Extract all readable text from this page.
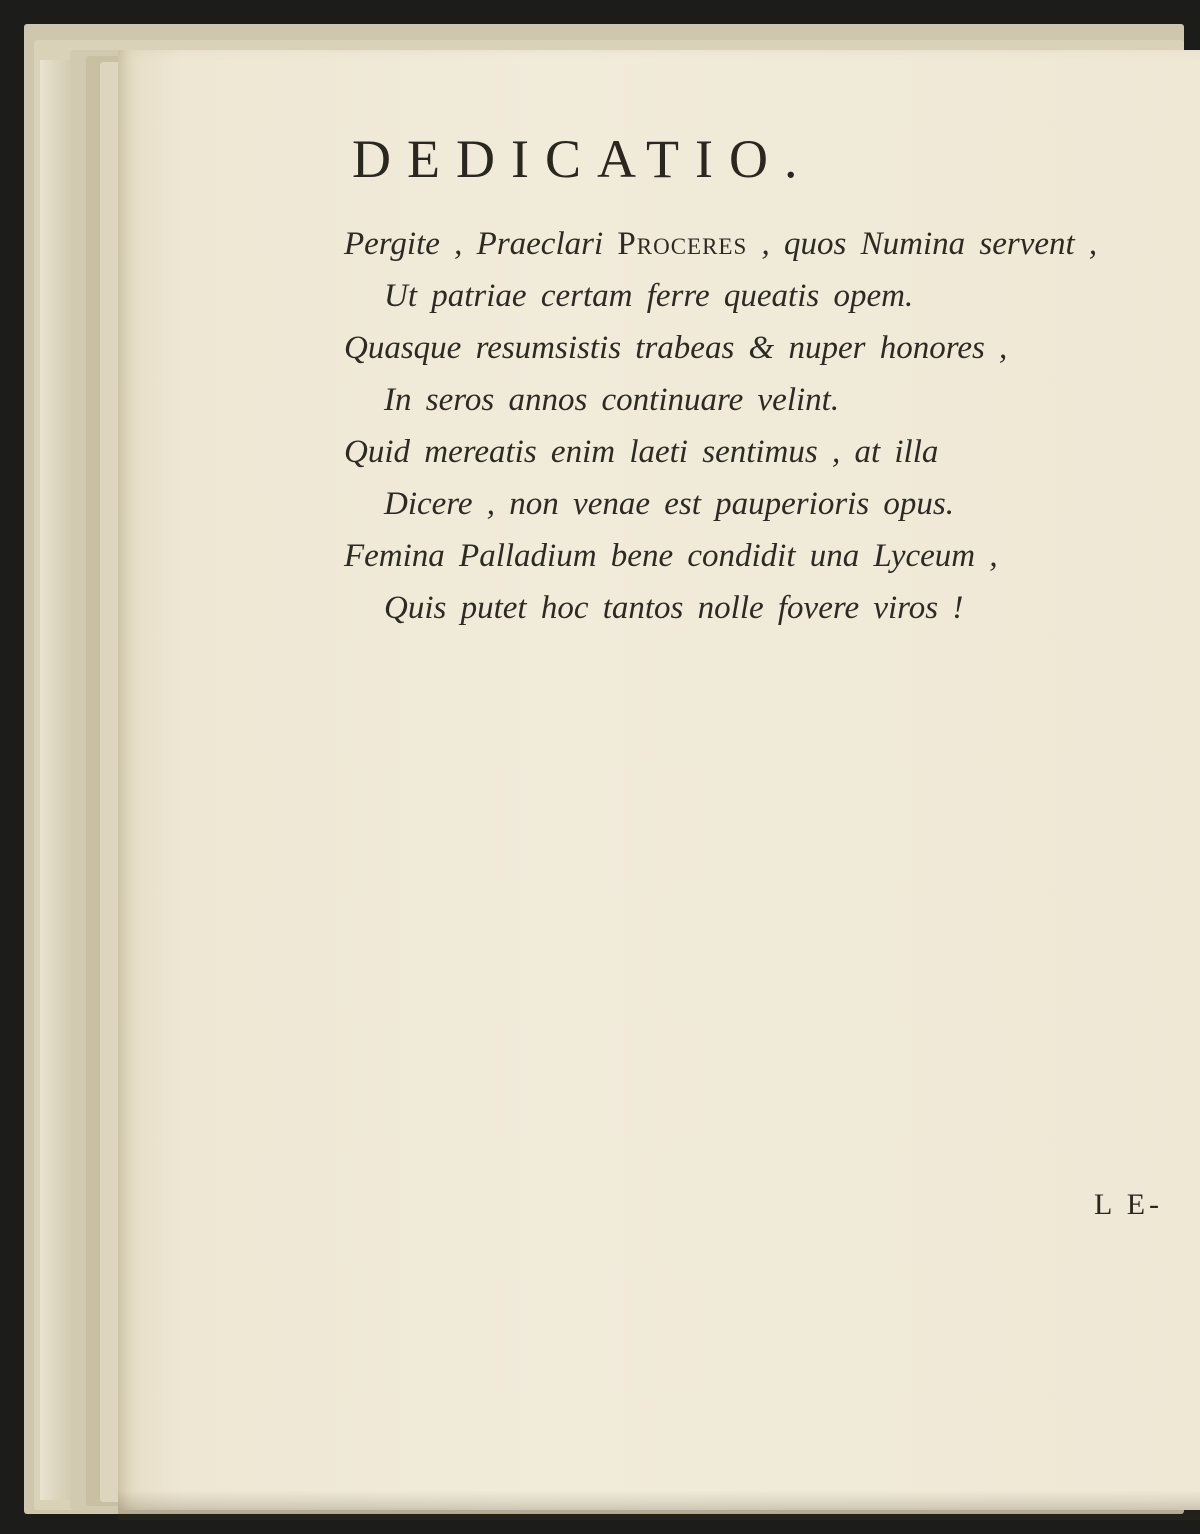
DEDICATIO.
Pergite , Praeclari Proceres , quos Numina servent ,
Ut patriae certam ferre queatis opem.
Quasque resumsistis trabeas & nuper honores ,
In seros annos continuare velint.
Quid mereatis enim laeti sentimus , at illa
Dicere , non venae est pauperioris opus.
Femina Palladium bene condidit una Lyceum ,
Quis putet hoc tantos nolle fovere viros !
L E-
